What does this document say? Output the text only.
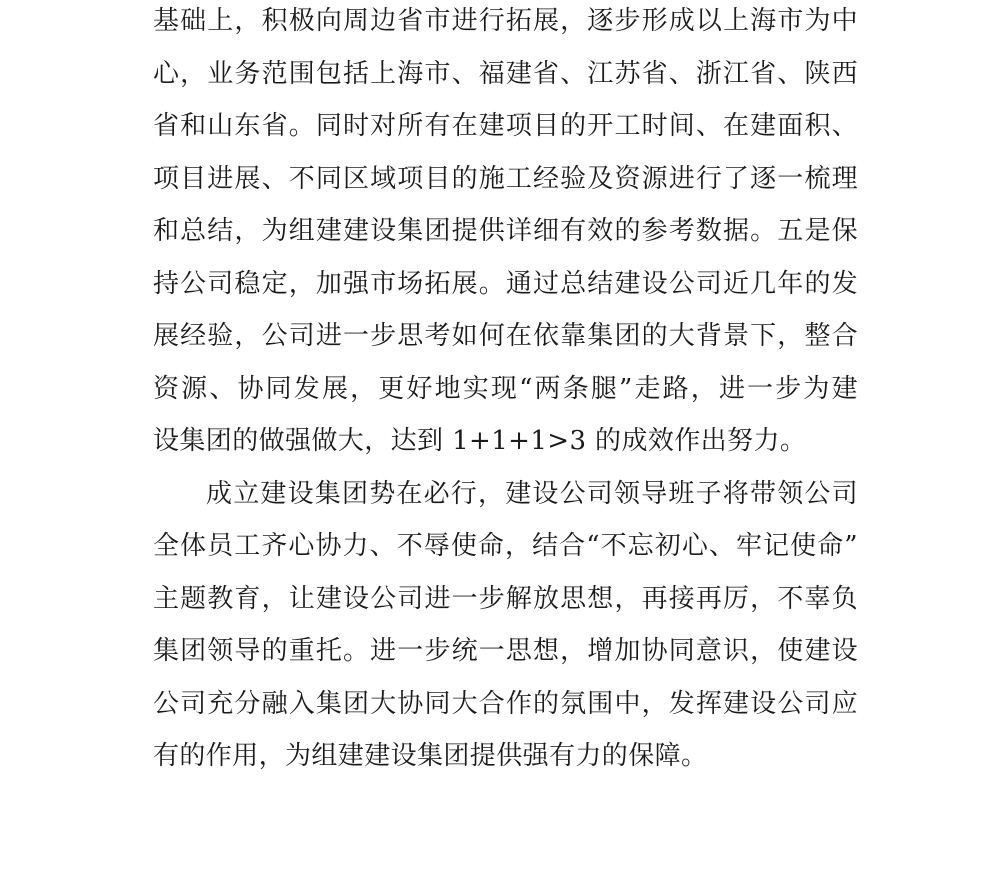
基础上，积极向周边省市进行拓展，逐步形成以上海市为中
心，业务范围包括上海市、福建省、江苏省、浙江省、陕西
省和山东省。同时对所有在建项目的开工时间、在建面积、
项目进展、不同区域项目的施工经验及资源进行了逐一梳理
和总结，为组建建设集团提供详细有效的参考数据。五是保
持公司稳定，加强市场拓展。通过总结建设公司近几年的发
展经验，公司进一步思考如何在依靠集团的大背景下，整合
资源、协同发展，更好地实现“两条腿”走路，进一步为建
设集团的做强做大，达到 1+1+1>3 的成效作出努力。
成立建设集团势在必行，建设公司领导班子将带领公司
全体员工齐心协力、不辱使命，结合“不忘初心、牢记使命”
主题教育，让建设公司进一步解放思想，再接再厉，不辜负
集团领导的重托。进一步统一思想，增加协同意识，使建设
公司充分融入集团大协同大合作的氛围中，发挥建设公司应
有的作用，为组建建设集团提供强有力的保障。
